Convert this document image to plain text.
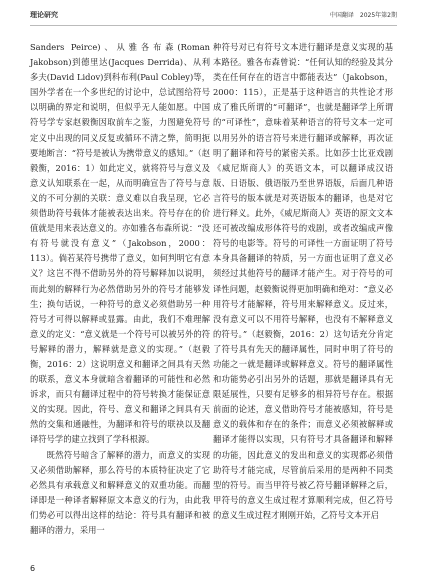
理论研究	中国翻译 2025年第2期

Sanders Peirce)、从雅各布森(Roman Jakobson)到德里达(Jacques Derrida)、从利多夫(David Lidov)到科布利(Paul Cobley)等，国外学者在一个多世纪的讨论中，总试图给符号以明确的界定和说明，但似乎无人能如愿。中国符号学专家赵毅衡因取前车之鉴，力图避免符号定义中出现的同义反复或循环不清之弊，简明扼要地断言：“符号是被认为携带意义的感知。”（赵毅衡，2016：1）如此定义，就将符号与意义及意义认知联系在一起，从而明确宣告了符号与意义的不可分割的关联：意义难以自我呈现，它必须借助符号载体才能被表达出来。符号存在的价值就是用来表达意义的。亦如雅各布森所说：“没有符号就没有意义”（Jakobson，2000：113）。倘若某符号携带了意义，如何判明它有意义？这岂不得不借助另外的符号解释加以说明，而此刻的解释行为必然借助另外的符号才能够发生；换句话说，一种符号的意义必须借助另一种符号才可得以解释或显露。由此，我们不难理解意义的定义：“意义就是一个符号可以被另外的符号解释的潜力，解释就是意义的实现。”（赵毅衡，2016：2）这说明意义和翻译之间具有天然的联系，意义本身就暗含着翻译的可能性和必然诉求，而只有翻译过程中的符号转换才能保证意义的实现。因此，符号、意义和翻译之间具有天然的交集和通融性，为翻译和符号的联袂以及翻译符号学的建立找到了学科根源。

既然符号暗含了解释的潜力，而意义的实现又必须借助解释，那么符号的本质特征决定了它必然具有承载意义和解释意义的双重功能。而翻译即是一种译者解释原文本意义的行为，由此我们势必可以得出这样的结论：符号具有翻译和被翻译的潜力，采用一

种符号对已有符号文本进行翻译是意义实现的基本路径。雅各布森曾说：“任何认知的经验及其分类在任何存在的语言中都能表达”（Jakobson，2000：115），正是基于这种语言的共性论才形成了雅氏所谓的“可翻译”，也就是翻译学上所谓的“可译性”，意味着某种语言的符号文本一定可以用另外的语言符号来进行翻译或解释，再次证明了翻译和符号的紧密关系。比如莎士比亚戏剧《威尼斯商人》的英语文本，可以翻译成汉语版、日语版、俄语版乃至世界语版，后面几种语言符号的版本就是对英语版本的翻译，也是对它进行释义。此外，《威尼斯商人》英语的原文文本还可被改编成形体符号的戏剧，或者改编成声像符号的电影等。符号的可译性一方面证明了符号本身具备翻译的特质，另一方面也证明了意义必须经过其他符号的翻译才能产生。对于符号的可译性问题，赵毅衡说得更加明确和绝对：“意义必用符号才能解释，符号用来解释意义。反过来，没有意义可以不用符号解释，也没有不解释意义的符号。”（赵毅衡，2016：2）这句话充分肯定了符号具有先天的翻译属性，同时申明了符号的功能之一就是翻译或解释意义。符号的翻译属性和功能势必引出另外的话题，那就是翻译具有无限延展性，只要有足够多的相异符号存在。根据前面的论述，意义借助符号才能被感知，符号是意义的载体和存在的条件；而意义必须被解释或翻译才能得以实现，只有符号才具备翻译和解释的功能，因此意义的发出和意义的实现都必须借助符号才能完成，尽管前后采用的是两种不同类型的符号。而当甲符号被乙符号翻译解释之后，甲符号的意义生成过程才算顺利完成，但乙符号的意义生成过程才刚刚开始，乙符号文本开启

6
